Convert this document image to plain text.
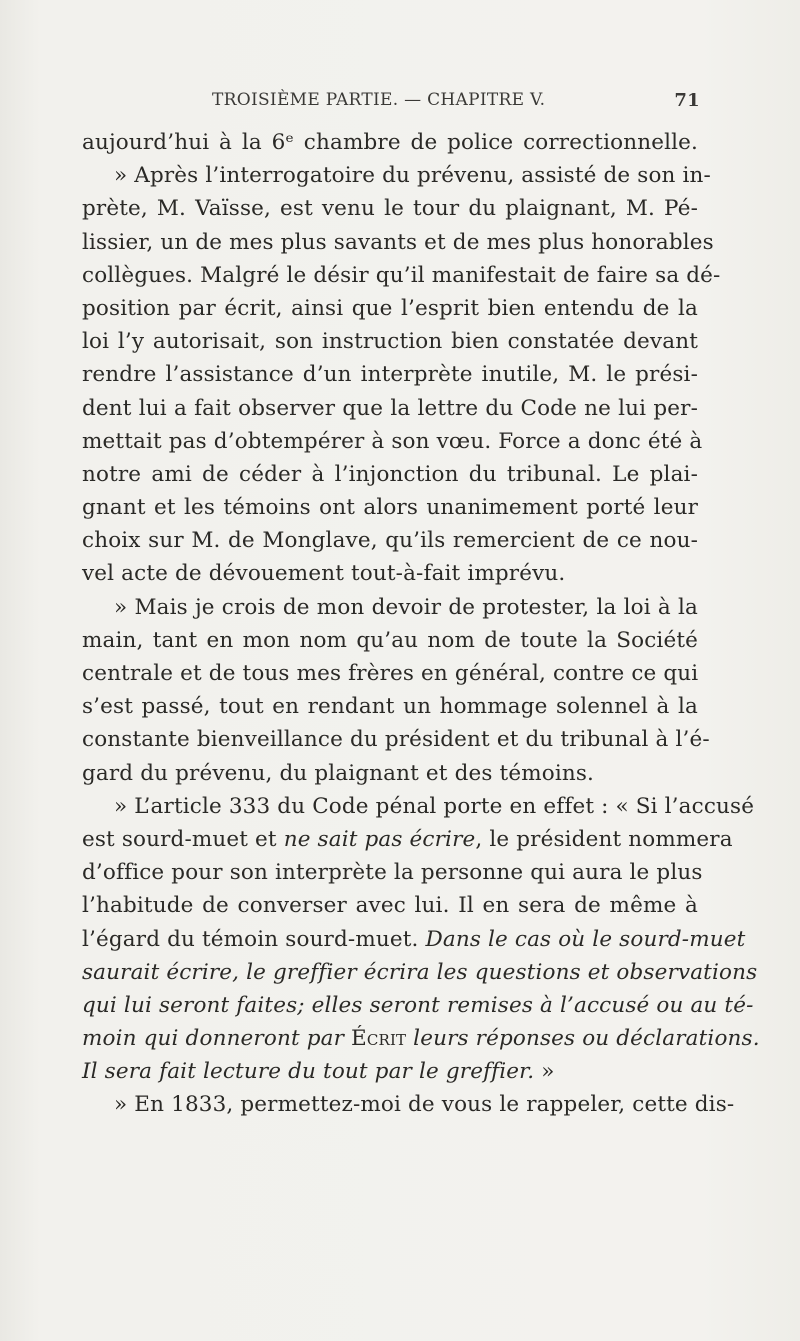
TROISIÈME PARTIE. — CHAPITRE V.	71
aujourd’hui à la 6ᵉ chambre de police correctionnelle.
» Après l’interrogatoire du prévenu, assisté de son in-
prète, M. Vaïsse, est venu le tour du plaignant, M. Pé-
lissier, un de mes plus savants et de mes plus honorables
collègues. Malgré le désir qu’il manifestait de faire sa dé-
position par écrit, ainsi que l’esprit bien entendu de la
loi l’y autorisait, son instruction bien constatée devant
rendre l’assistance d’un interprète inutile, M. le prési-
dent lui a fait observer que la lettre du Code ne lui per-
mettait pas d’obtempérer à son vœu. Force a donc été à
notre ami de céder à l’injonction du tribunal. Le plai-
gnant et les témoins ont alors unanimement porté leur
choix sur M. de Monglave, qu’ils remercient de ce nou-
vel acte de dévouement tout-à-fait imprévu.
» Mais je crois de mon devoir de protester, la loi à la
main, tant en mon nom qu’au nom de toute la Société
centrale et de tous mes frères en général, contre ce qui
s’est passé, tout en rendant un hommage solennel à la
constante bienveillance du président et du tribunal à l’é-
gard du prévenu, du plaignant et des témoins.
» L’article 333 du Code pénal porte en effet : « Si l’accusé
est sourd-muet et ne sait pas écrire, le président nommera
d’office pour son interprète la personne qui aura le plus
l’habitude de converser avec lui. Il en sera de même à
l’égard du témoin sourd-muet. Dans le cas où le sourd-muet
saurait écrire, le greffier écrira les questions et observations
qui lui seront faites; elles seront remises à l’accusé ou au té-
moin qui donneront par Écrit leurs réponses ou déclarations.
Il sera fait lecture du tout par le greffier. »
» En 1833, permettez-moi de vous le rappeler, cette dis-
